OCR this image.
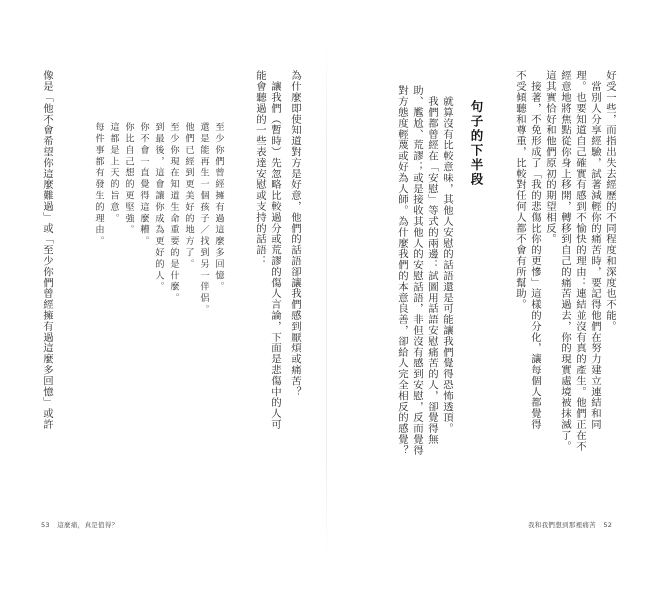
為什麼即使知道對方是好意，他們的話語卻讓我們感到厭煩或痛苦？
　讓我們（暫時）先忽略比較過分或荒謬的傷人言論，下面是悲傷中的人可
能會聽過的一些表達安慰或支持的話語：
至少你們曾經擁有過這麼多回憶。
還是能再生一個孩子／找到另一伴侶。
他們已經到更美好的地方了。
至少你現在知道生命重要的是什麼。
到最後，這會讓你成為更好的人。
你不會一直覺得這麼糟。
你比自己想的更堅強。
這都是上天的旨意。
每件事都有發生的理由。
像是「他不會希望你這麼難過」或「至少你們曾經擁有過這麼多回憶」或許	好受一些，而指出失去經歷的不同程度和深度也不能。
　當別人分享經驗，試著減輕你的痛苦時，要記得他們在努力建立連結和同
理。也要知道自己確實有感到不愉快的理由：連結並沒有真的產生。他們正在不
經意地將焦點從你身上移開，轉移到自己的痛苦過去，你的現實處境被抹滅了。
這其實恰好和他們原初的期望相反。
　接著，不免形成了「我的悲傷比你的更慘」這樣的分化，讓每個人都覺得
不受傾聽和尊重，比較對任何人都不會有所幫助。
句子的下半段
　就算沒有比較意味，其他人安慰的話語還是可能讓我們覺得恐怖透頂。
　我們都曾經在「安慰」等式的兩邊：試圖用話語安慰痛苦的人，卻覺得無
助、尷尬、荒謬；或是接收其他人的安慰話語，非但沒有感到安慰，反而覺得
對方態度輕蔑或好為人師。為什麼我們的本意良善，卻給人完全相反的感覺？
53 這麼痛，真是值得？	我和我們想到那裡痛苦 52
